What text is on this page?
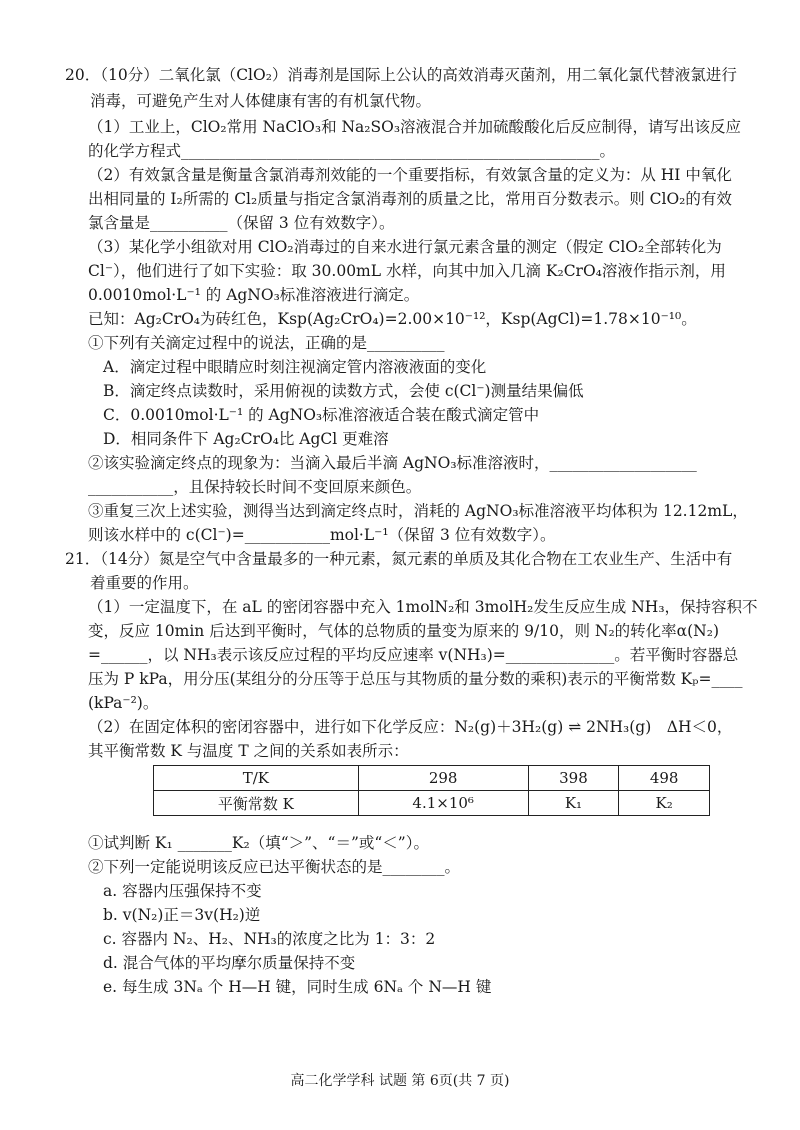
20．（10分）二氧化氯（ClO₂）消毒剂是国际上公认的高效消毒灭菌剂，用二氧化氯代替液氯进行
消毒，可避免产生对人体健康有害的有机氯代物。
（1）工业上，ClO₂常用 NaClO₃和 Na₂SO₃溶液混合并加硫酸酸化后反应制得，请写出该反应
的化学方程式______________________________________________________。
（2）有效氯含量是衡量含氯消毒剂效能的一个重要指标，有效氯含量的定义为：从 HI 中氧化
出相同量的 I₂所需的 Cl₂质量与指定含氯消毒剂的质量之比，常用百分数表示。则 ClO₂的有效
氯含量是__________（保留 3 位有效数字）。
（3）某化学小组欲对用 ClO₂消毒过的自来水进行氯元素含量的测定（假定 ClO₂全部转化为
Cl⁻），他们进行了如下实验：取 30.00mL 水样，向其中加入几滴 K₂CrO₄溶液作指示剂，用
0.0010mol·L⁻¹ 的 AgNO₃标准溶液进行滴定。
已知：Ag₂CrO₄为砖红色，Ksp(Ag₂CrO₄)=2.00×10⁻¹²，Ksp(AgCl)=1.78×10⁻¹⁰。
①下列有关滴定过程中的说法，正确的是__________
A．滴定过程中眼睛应时刻注视滴定管内溶液液面的变化
B．滴定终点读数时，采用俯视的读数方式，会使 c(Cl⁻)测量结果偏低
C．0.0010mol·L⁻¹ 的 AgNO₃标准溶液适合装在酸式滴定管中
D．相同条件下 Ag₂CrO₄比 AgCl 更难溶
②该实验滴定终点的现象为：当滴入最后半滴 AgNO₃标准溶液时，___________________
___________，且保持较长时间不变回原来颜色。
③重复三次上述实验，测得当达到滴定终点时，消耗的 AgNO₃标准溶液平均体积为 12.12mL，
则该水样中的 c(Cl⁻)=___________mol·L⁻¹（保留 3 位有效数字）。
21．（14分）氮是空气中含量最多的一种元素，氮元素的单质及其化合物在工农业生产、生活中有
着重要的作用。
（1）一定温度下，在 aL 的密闭容器中充入 1molN₂和 3molH₂发生反应生成 NH₃，保持容积不
变，反应 10min 后达到平衡时，气体的总物质的量变为原来的 9/10，则 N₂的转化率α(N₂)
=______，以 NH₃表示该反应过程的平均反应速率 v(NH₃)=______________。若平衡时容器总
压为 P kPa，用分压(某组分的分压等于总压与其物质的量分数的乘积)表示的平衡常数 Kₚ=____
(kPa⁻²)。
（2）在固定体积的密闭容器中，进行如下化学反应：N₂(g)＋3H₂(g) ⇌ 2NH₃(g)　ΔH＜0，
其平衡常数 K 与温度 T 之间的关系如表所示：
T/K	298	398	498
平衡常数 K	4.1×10⁶	K₁	K₂
①试判断 K₁ _______K₂（填“＞”、“＝”或“＜”）。
②下列一定能说明该反应已达平衡状态的是________。
a. 容器内压强保持不变
b. v(N₂)正＝3v(H₂)逆
c. 容器内 N₂、H₂、NH₃的浓度之比为 1：3：2
d. 混合气体的平均摩尔质量保持不变
e. 每生成 3Nₐ 个 H—H 键，同时生成 6Nₐ 个 N—H 键
高二化学学科 试题 第 6页(共 7 页)
